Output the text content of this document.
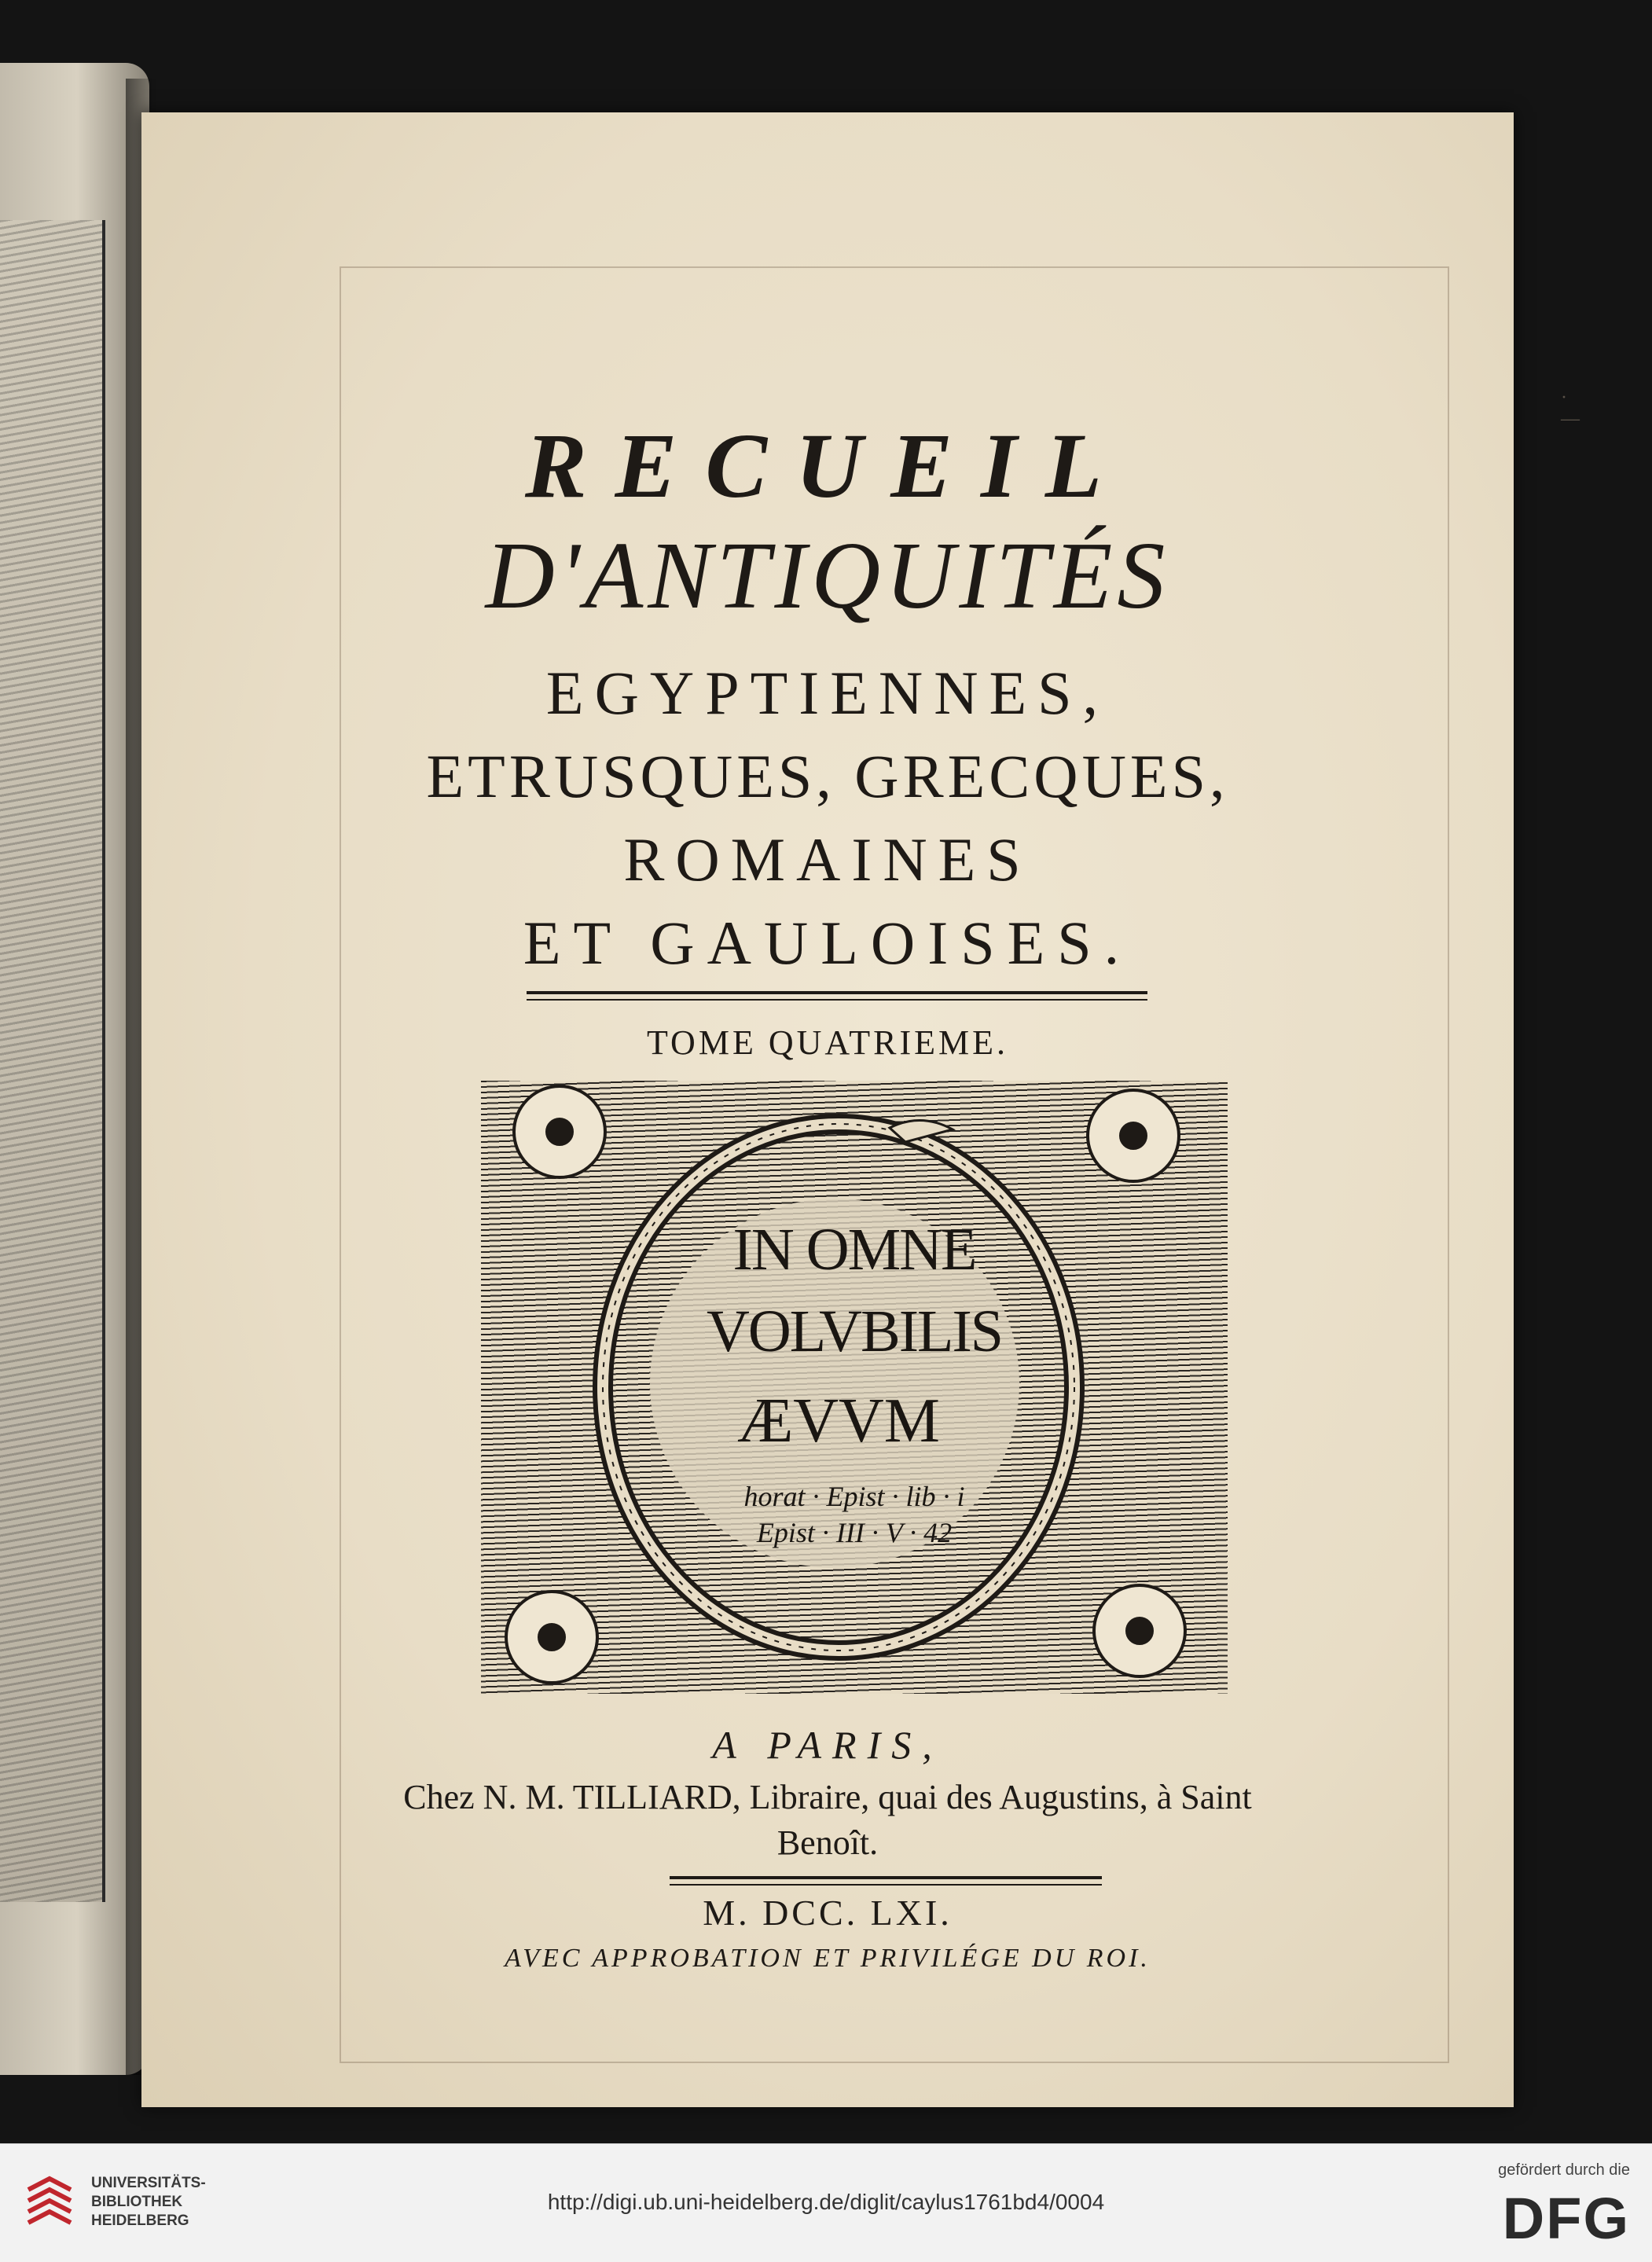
·—
RECUEIL
D'ANTIQUITÉS
EGYPTIENNES,
ETRUSQUES, GRECQUES,
ROMAINES
ET GAULOISES.
TOME QUATRIEME.
IN OMNE
VOLVBILIS
ÆVVM
horat · Epist · lib · i
Epist · III · V · 42
A PARIS,
Chez N. M. TILLIARD, Libraire, quai des Augustins, à Saint
Benoît.
M. DCC. LXI.
AVEC APPROBATION ET PRIVILÉGE DU ROI.
UNIVERSITÄTS-
BIBLIOTHEK
HEIDELBERG
http://digi.ub.uni-heidelberg.de/diglit/caylus1761bd4/0004
gefördert durch die
DFG
